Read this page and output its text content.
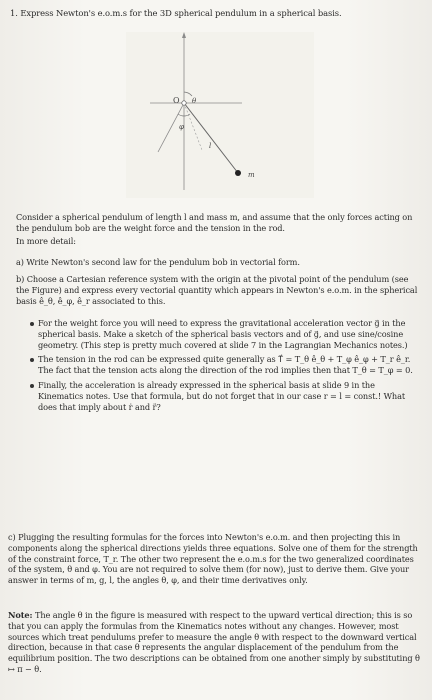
1. Express Newton's e.o.m.s for the 3D spherical pendulum in a spherical basis.
O θ
φ
l
m
Consider a spherical pendulum of length l and mass m, and assume that the only forces acting on the pendulum bob are the weight force and the tension in the rod.
In more detail:
a) Write Newton's second law for the pendulum bob in vectorial form.
b) Choose a Cartesian reference system with the origin at the pivotal point of the pendulum (see the Figure) and express every vectorial quantity which appears in Newton's e.o.m. in the spherical basis ê_θ, ê_φ, ê_r associated to this.
For the weight force you will need to express the gravitational acceleration vector g⃗ in the spherical basis. Make a sketch of the spherical basis vectors and of g⃗, and use sine/cosine geometry. (This step is pretty much covered at slide 7 in the Lagrangian Mechanics notes.)
The tension in the rod can be expressed quite generally as T⃗ = T_θ ê_θ + T_φ ê_φ + T_r ê_r. The fact that the tension acts along the direction of the rod implies then that T_θ = T_φ = 0.
Finally, the acceleration is already expressed in the spherical basis at slide 9 in the Kinematics notes. Use that formula, but do not forget that in our case r = l = const.! What does that imply about ṙ and r̈?
c) Plugging the resulting formulas for the forces into Newton's e.o.m. and then projecting this in components along the spherical directions yields three equations. Solve one of them for the strength of the constraint force, T_r. The other two represent the e.o.m.s for the two generalized coordinates of the system, θ and φ. You are not required to solve them (for now), just to derive them. Give your answer in terms of m, g, l, the angles θ, φ, and their time derivatives only.
Note: The angle θ in the figure is measured with respect to the upward vertical direction; this is so that you can apply the formulas from the Kinematics notes without any changes. However, most sources which treat pendulums prefer to measure the angle θ with respect to the downward vertical direction, because in that case θ represents the angular displacement of the pendulum from the equilibrium position. The two descriptions can be obtained from one another simply by substituting θ ↦ π − θ.
